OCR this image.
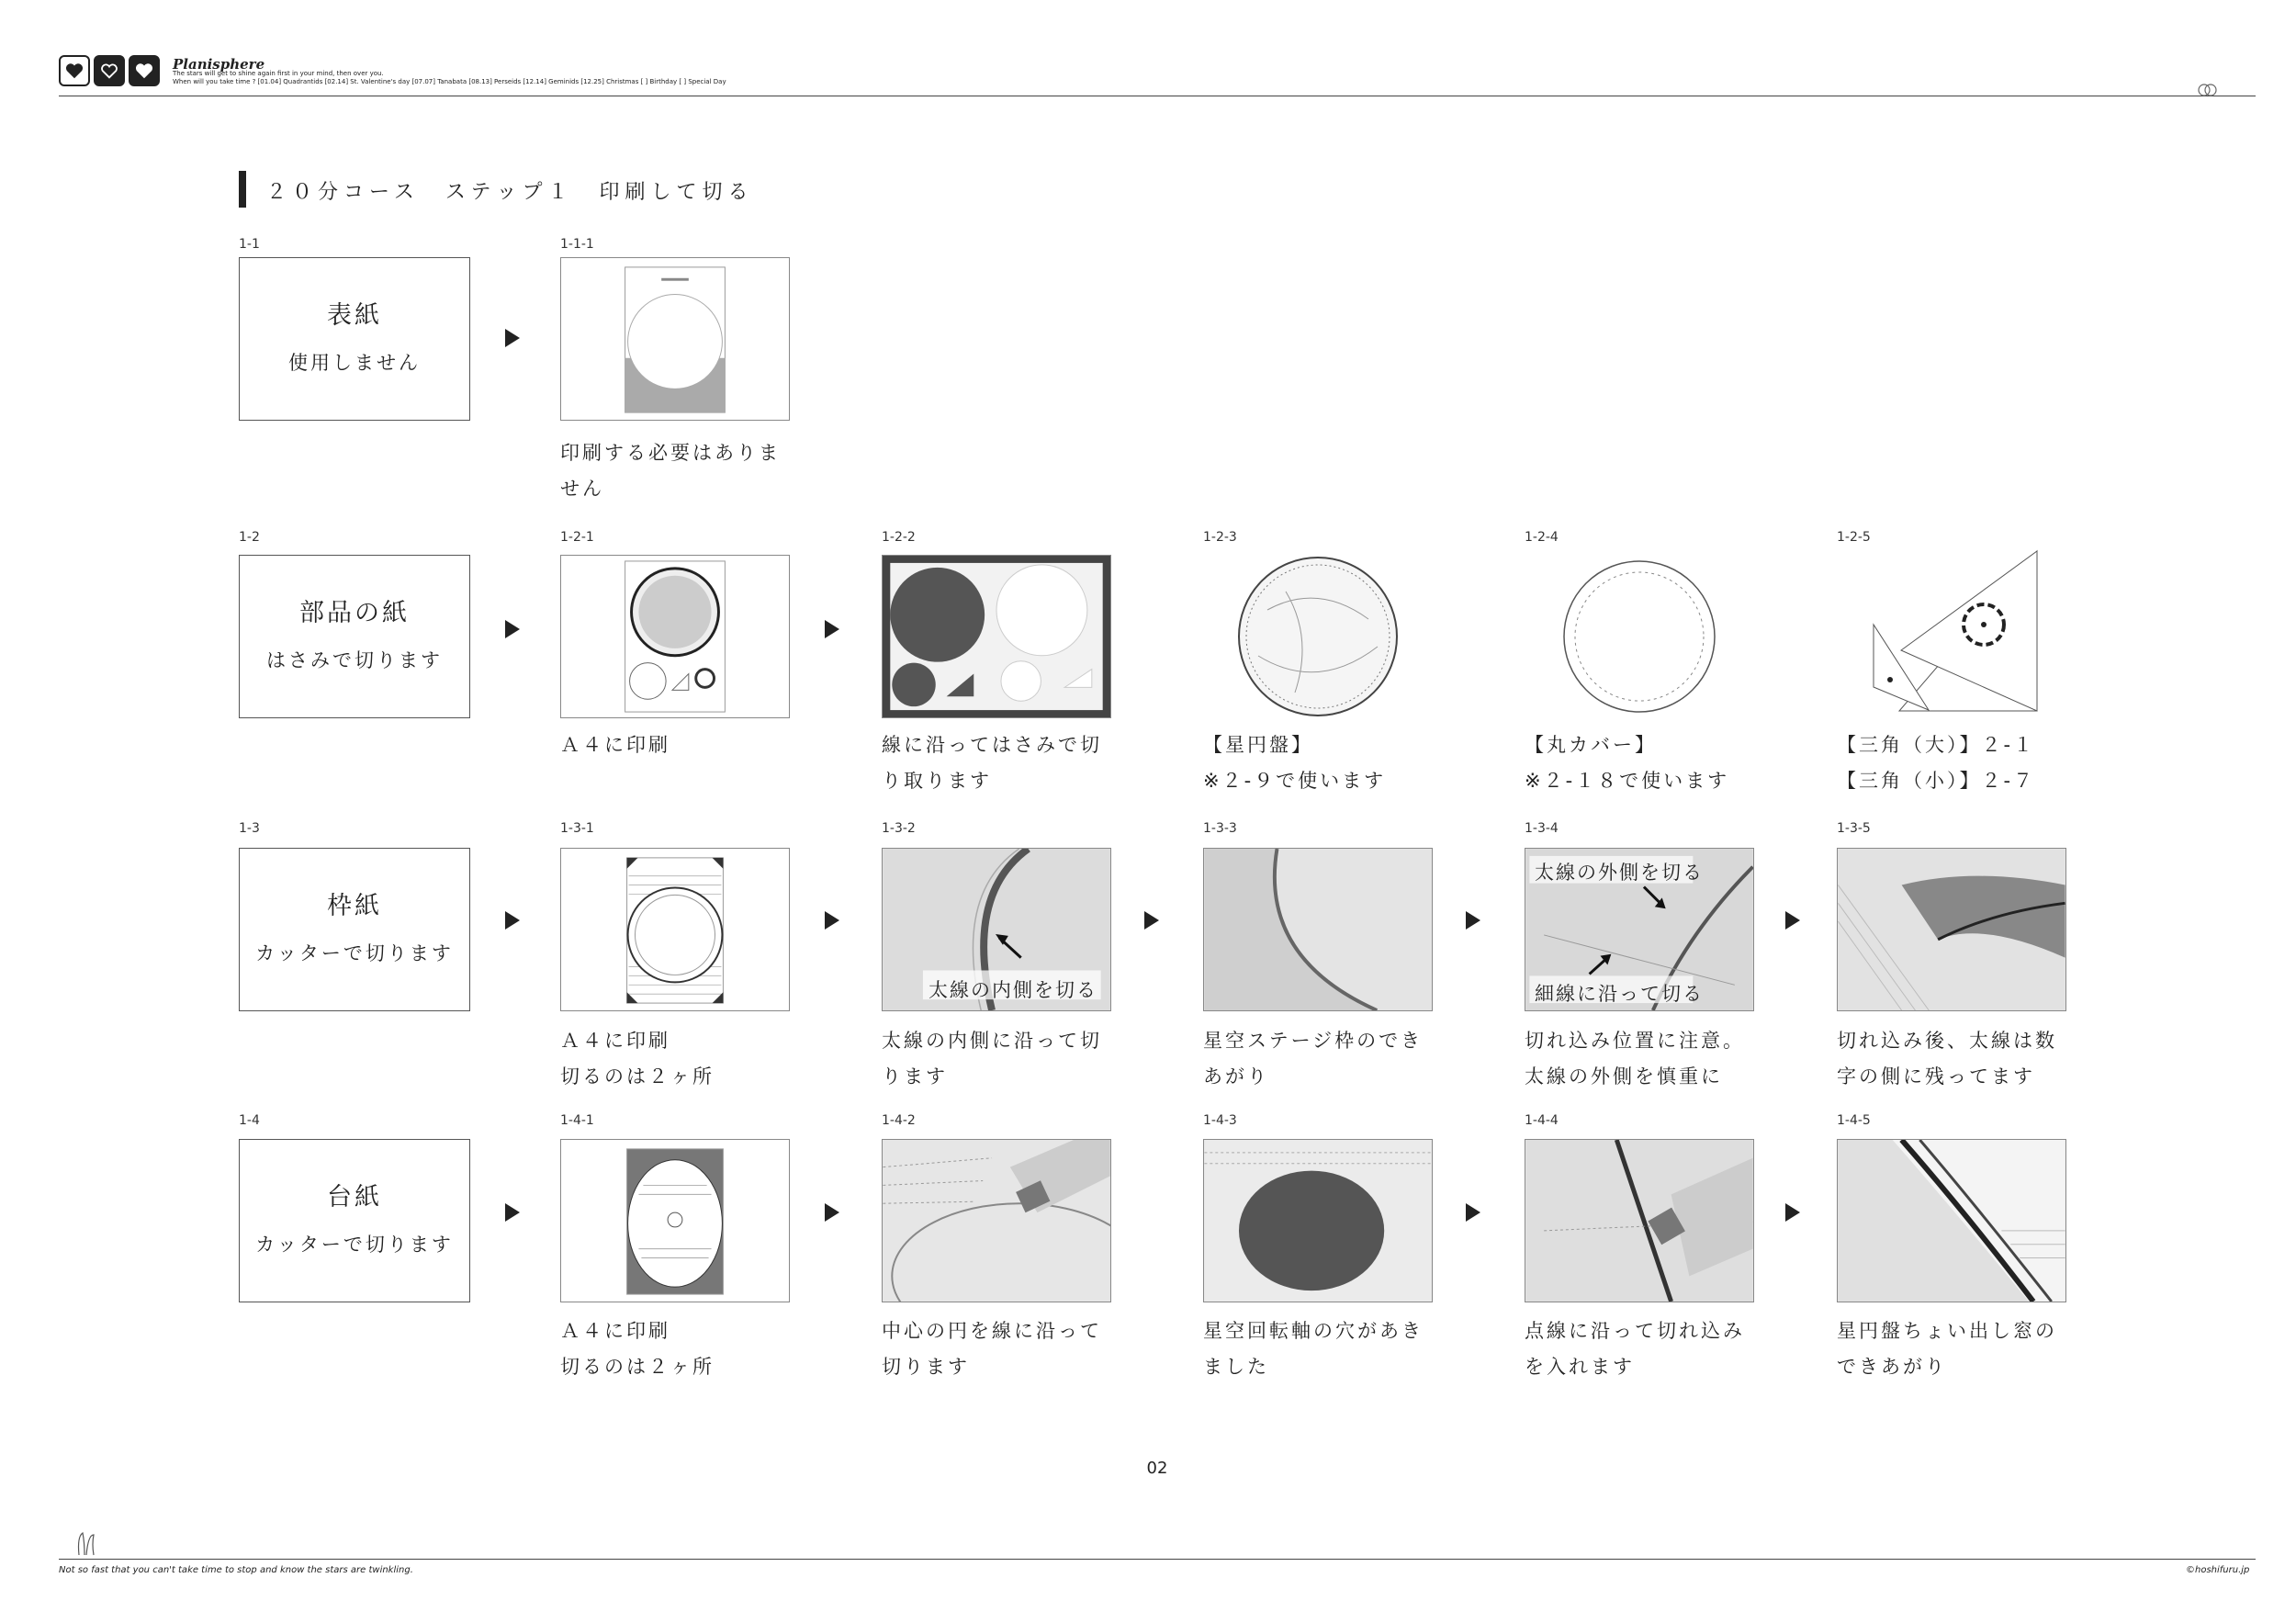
Planisphere
The stars will get to shine again first in your mind, then over you.
When will you take time ? [01.04] Quadrantids [02.14] St. Valentine's day [07.07] Tanabata [08.13] Perseids [12.14] Geminids [12.25] Christmas [ ] Birthday [ ] Special Day
２０分コース　ステップ１　印刷して切る
1-1
表紙
使用しません
1-1-1
印刷する必要はありま
せん
1-2
部品の紙
はさみで切ります
1-2-1
Ａ４に印刷
1-2-2
線に沿ってはさみで切
り取ります
1-2-3
【星円盤】
※２-９で使います
1-2-4
【丸カバー】
※２-１８で使います
1-2-5
【三角（大）】２-１
【三角（小）】２-７
1-3
枠紙
カッターで切ります
1-3-1
Ａ４に印刷
切るのは２ヶ所
1-3-2
太線の内側を切る
太線の内側に沿って切
ります
1-3-3
星空ステージ枠のでき
あがり
1-3-4
太線の外側を切る
細線に沿って切る
切れ込み位置に注意。
太線の外側を慎重に
1-3-5
切れ込み後、太線は数
字の側に残ってます
1-4
台紙
カッターで切ります
1-4-1
Ａ４に印刷
切るのは２ヶ所
1-4-2
中心の円を線に沿って
切ります
1-4-3
星空回転軸の穴があき
ました
1-4-4
点線に沿って切れ込み
を入れます
1-4-5
星円盤ちょい出し窓の
できあがり
02
Not so fast that you can't take time to stop and know the stars are twinkling.	©hoshifuru.jp
